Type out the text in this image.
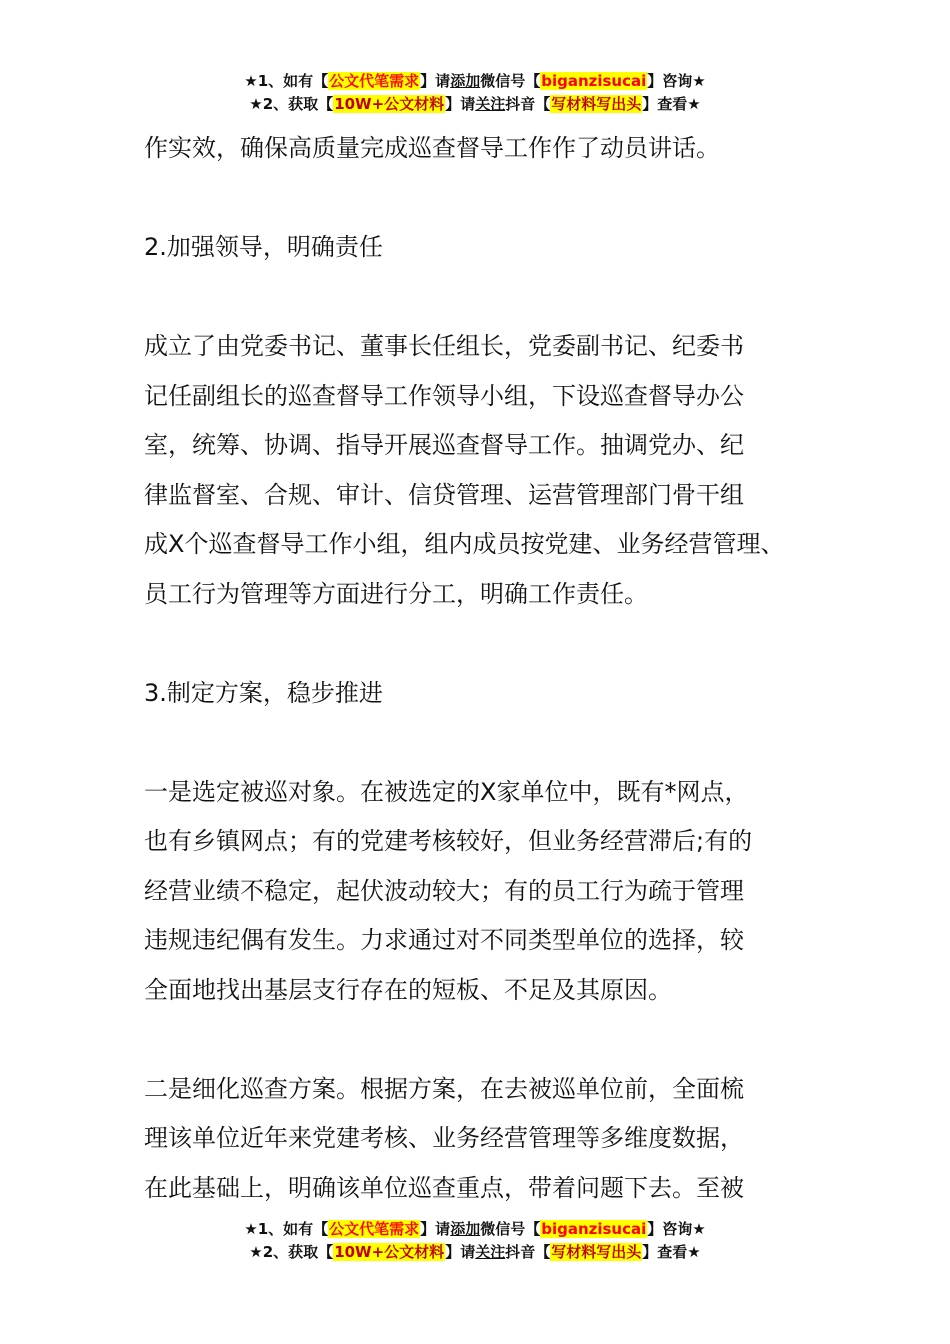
★1、如有【公文代笔需求】请添加微信号【biganzisucai】咨询★
★2、获取【10W+公文材料】请关注抖音【写材料写出头】查看★

作实效，确保高质量完成巡查督导工作作了动员讲话。

2.加强领导，明确责任

成立了由党委书记、董事长任组长，党委副书记、纪委书

记任副组长的巡查督导工作领导小组，下设巡查督导办公

室，统筹、协调、指导开展巡查督导工作。抽调党办、纪

律监督室、合规、审计、信贷管理、运营管理部门骨干组

成X个巡查督导工作小组，组内成员按党建、业务经营管理、

员工行为管理等方面进行分工，明确工作责任。

3.制定方案，稳步推进

一是选定被巡对象。在被选定的X家单位中，既有*网点，

也有乡镇网点；有的党建考核较好，但业务经营滞后;有的

经营业绩不稳定，起伏波动较大；有的员工行为疏于管理

违规违纪偶有发生。力求通过对不同类型单位的选择，较

全面地找出基层支行存在的短板、不足及其原因。

二是细化巡查方案。根据方案，在去被巡单位前，全面梳

理该单位近年来党建考核、业务经营管理等多维度数据，

在此基础上，明确该单位巡查重点，带着问题下去。至被

★1、如有【公文代笔需求】请添加微信号【biganzisucai】咨询★
★2、获取【10W+公文材料】请关注抖音【写材料写出头】查看★
